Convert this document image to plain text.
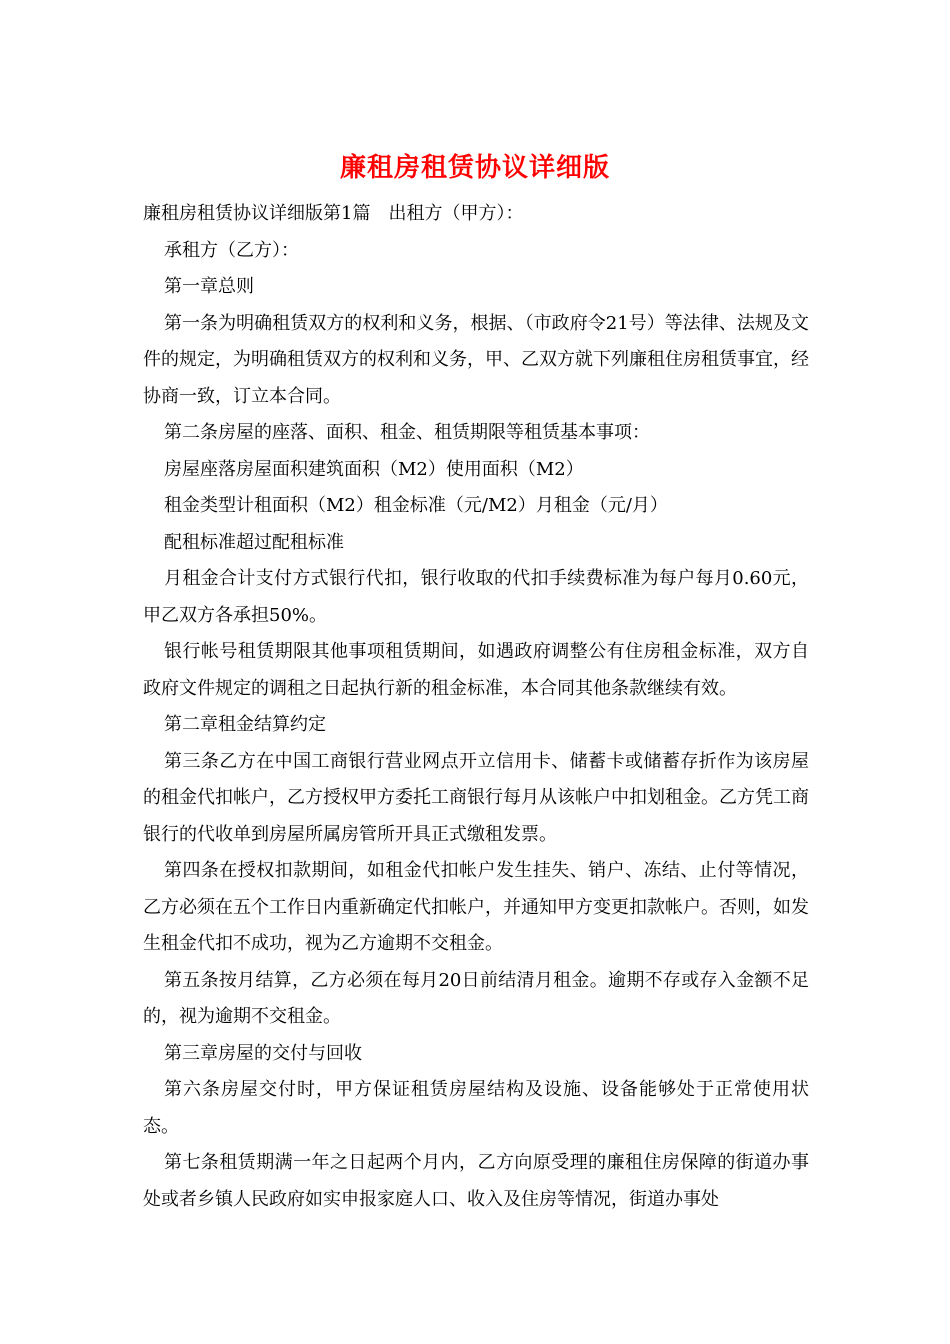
廉租房租赁协议详细版

廉租房租赁协议详细版第1篇　出租方（甲方）：

承租方（乙方）：

第一章总则

第一条为明确租赁双方的权利和义务，根据、（市政府令21号）等法律、法规及文件的规定，为明确租赁双方的权利和义务，甲、乙双方就下列廉租住房租赁事宜，经协商一致，订立本合同。

第二条房屋的座落、面积、租金、租赁期限等租赁基本事项：

房屋座落房屋面积建筑面积（M2）使用面积（M2）

租金类型计租面积（M2）租金标准（元/M2）月租金（元/月）

配租标准超过配租标准

月租金合计支付方式银行代扣，银行收取的代扣手续费标准为每户每月0.60元，甲乙双方各承担50%。

银行帐号租赁期限其他事项租赁期间，如遇政府调整公有住房租金标准，双方自政府文件规定的调租之日起执行新的租金标准，本合同其他条款继续有效。

第二章租金结算约定

第三条乙方在中国工商银行营业网点开立信用卡、储蓄卡或储蓄存折作为该房屋的租金代扣帐户，乙方授权甲方委托工商银行每月从该帐户中扣划租金。乙方凭工商银行的代收单到房屋所属房管所开具正式缴租发票。

第四条在授权扣款期间，如租金代扣帐户发生挂失、销户、冻结、止付等情况，乙方必须在五个工作日内重新确定代扣帐户，并通知甲方变更扣款帐户。否则，如发生租金代扣不成功，视为乙方逾期不交租金。

第五条按月结算，乙方必须在每月20日前结清月租金。逾期不存或存入金额不足的，视为逾期不交租金。

第三章房屋的交付与回收

第六条房屋交付时，甲方保证租赁房屋结构及设施、设备能够处于正常使用状态。

第七条租赁期满一年之日起两个月内，乙方向原受理的廉租住房保障的街道办事处或者乡镇人民政府如实申报家庭人口、收入及住房等情况，街道办事处
